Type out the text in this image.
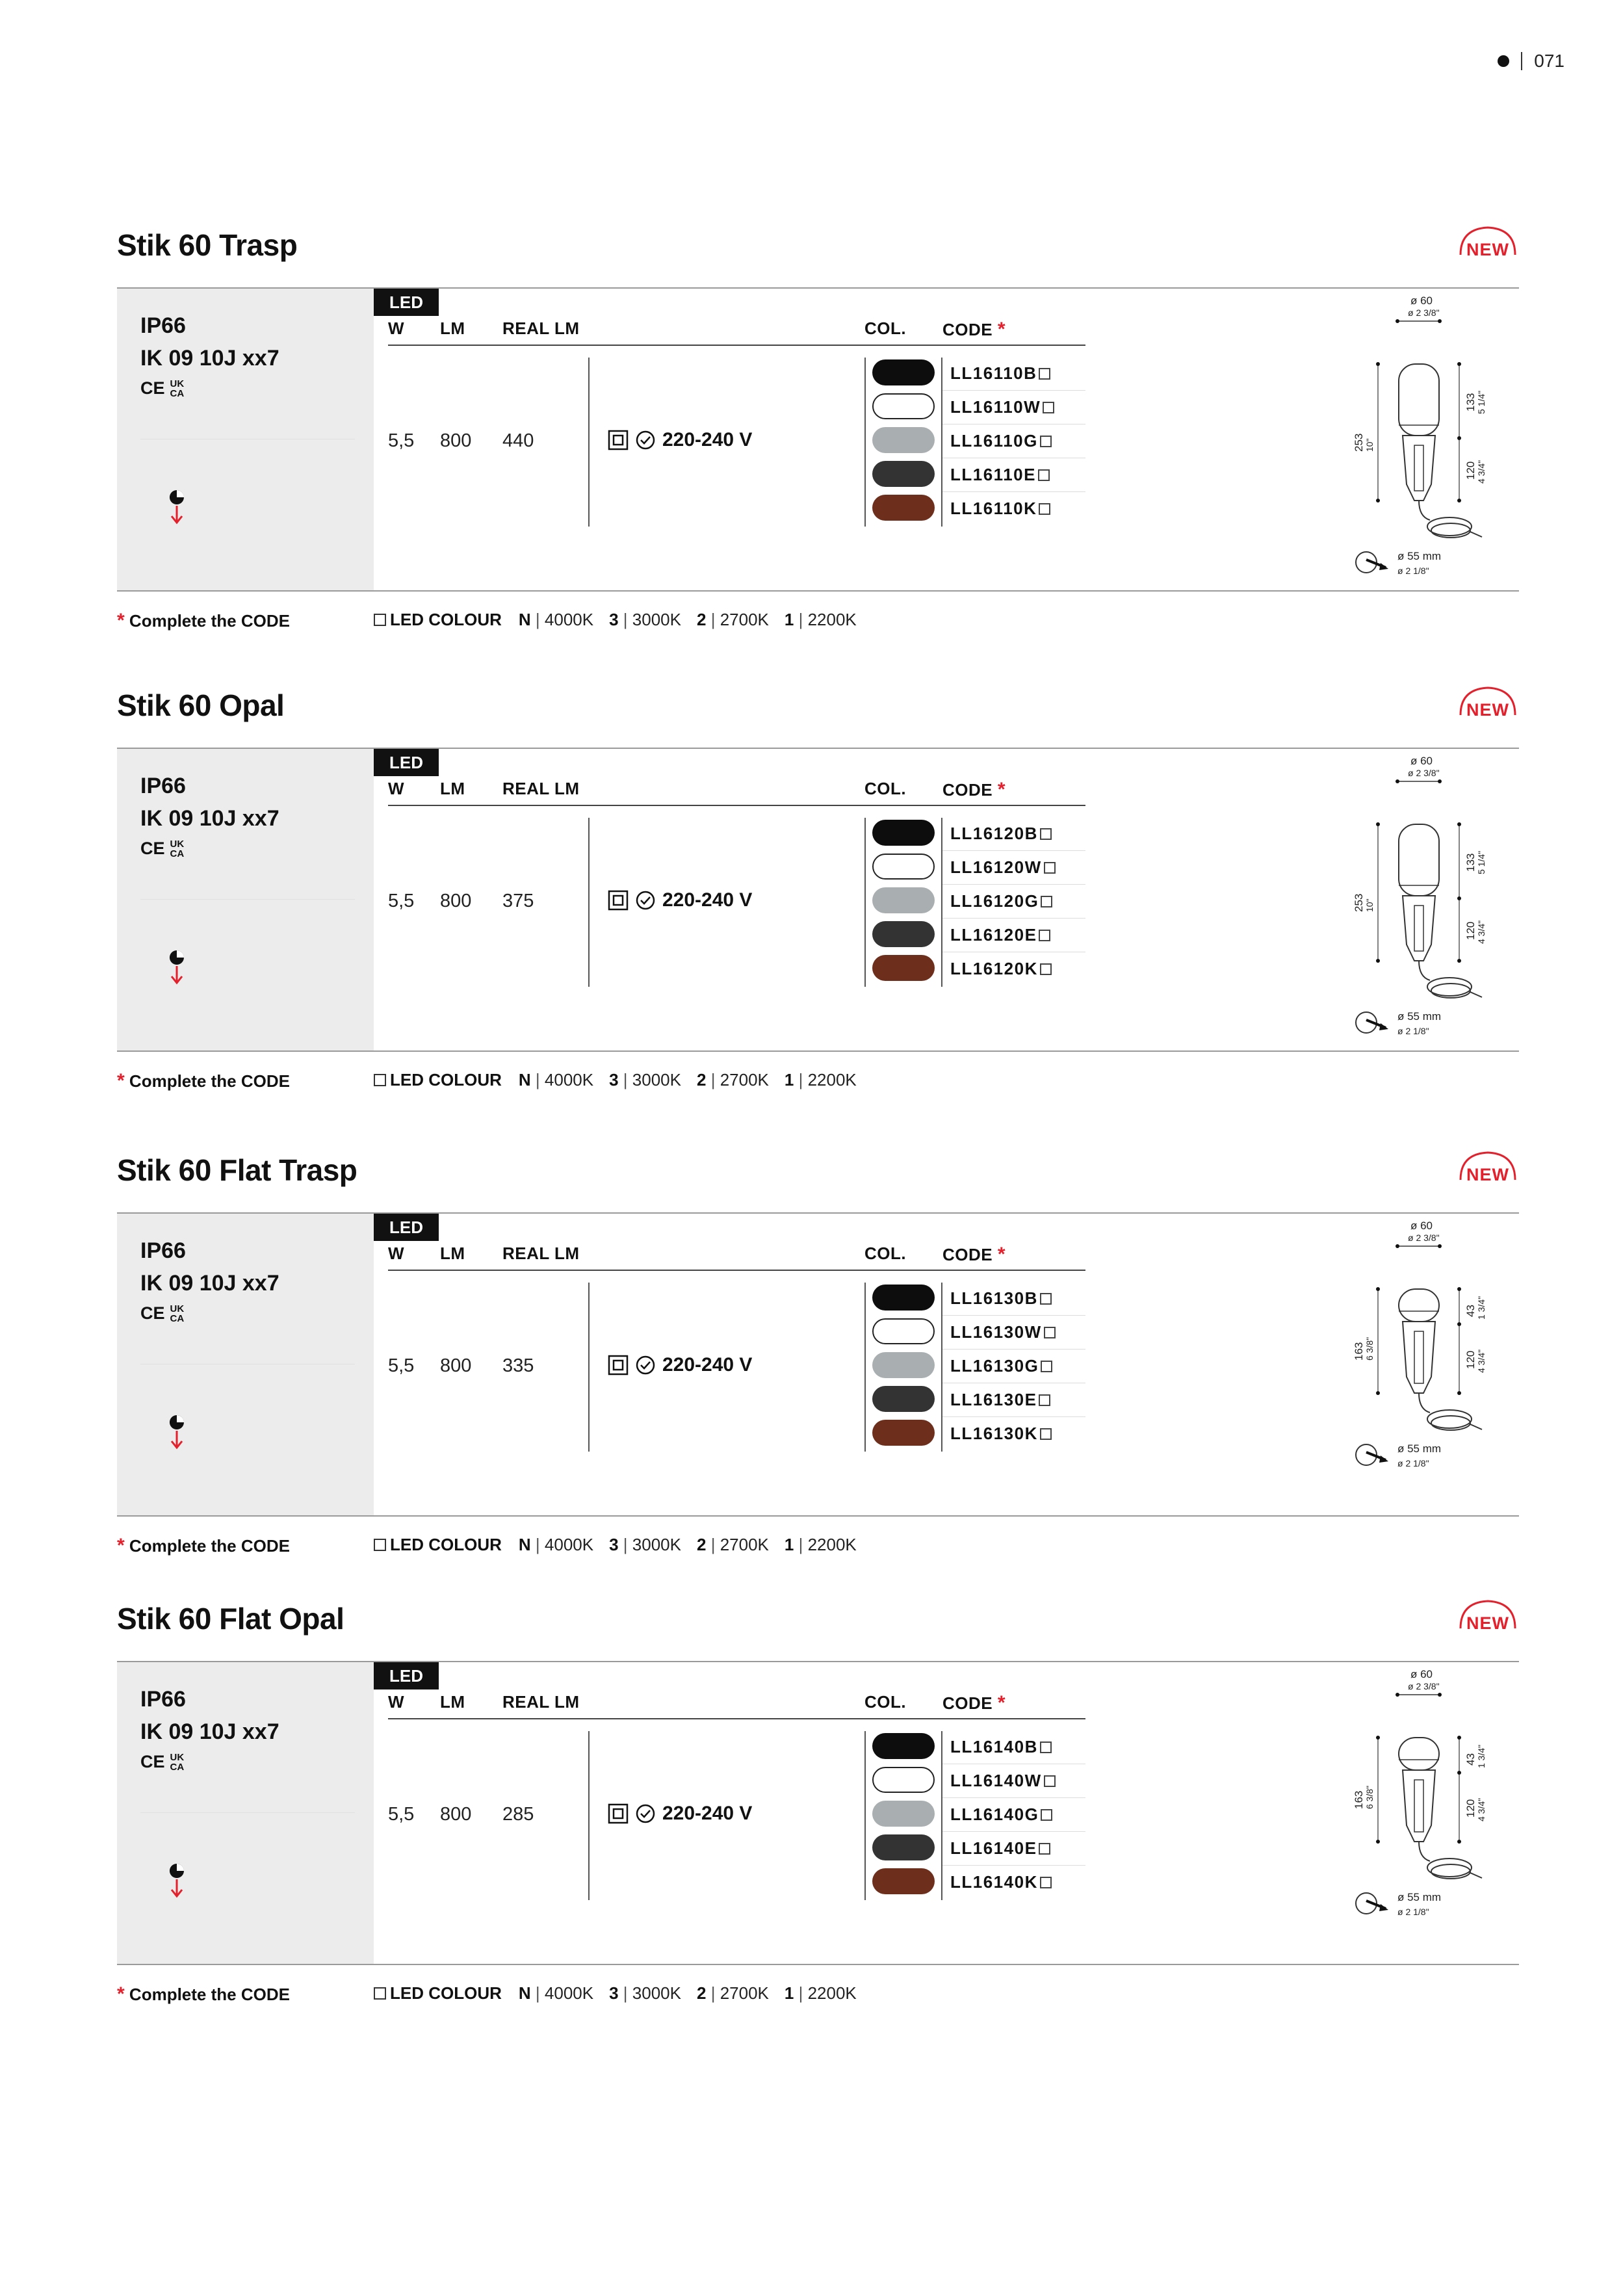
071
Stik 60 Trasp	NEW
IP66
IK 09 10J xx7
CE UK
CA
LED
W LM REAL LM	COL. CODE *
5,5 800 440	220-240 V
LL16110B
LL16110W
LL16110G
LL16110E
LL16110K
ø 60
ø 2 3/8"
253 10"
133 5 1/4"
120 4 3/4"
ø 55 mm
ø 2 1/8"
* Complete the CODE	LED COLOUR N | 4000K 3 | 3000K 2 | 2700K 1 | 2200K
Stik 60 Opal	NEW
IP66
IK 09 10J xx7
CE UK
CA
LED
W LM REAL LM	COL. CODE *
5,5 800 375	220-240 V
LL16120B
LL16120W
LL16120G
LL16120E
LL16120K
ø 60
ø 2 3/8"
253 10"
133 5 1/4"
120 4 3/4"
ø 55 mm
ø 2 1/8"
* Complete the CODE	LED COLOUR N | 4000K 3 | 3000K 2 | 2700K 1 | 2200K
Stik 60 Flat Trasp	NEW
IP66
IK 09 10J xx7
CE UK
CA
LED
W LM REAL LM	COL. CODE *
5,5 800 335	220-240 V
LL16130B
LL16130W
LL16130G
LL16130E
LL16130K
ø 60
ø 2 3/8"
163 6 3/8"
43 1 3/4"
120 4 3/4"
ø 55 mm
ø 2 1/8"
* Complete the CODE	LED COLOUR N | 4000K 3 | 3000K 2 | 2700K 1 | 2200K
Stik 60 Flat Opal	NEW
IP66
IK 09 10J xx7
CE UK
CA
LED
W LM REAL LM	COL. CODE *
5,5 800 285	220-240 V
LL16140B
LL16140W
LL16140G
LL16140E
LL16140K
ø 60
ø 2 3/8"
163 6 3/8"
43 1 3/4"
120 4 3/4"
ø 55 mm
ø 2 1/8"
* Complete the CODE	LED COLOUR N | 4000K 3 | 3000K 2 | 2700K 1 | 2200K
